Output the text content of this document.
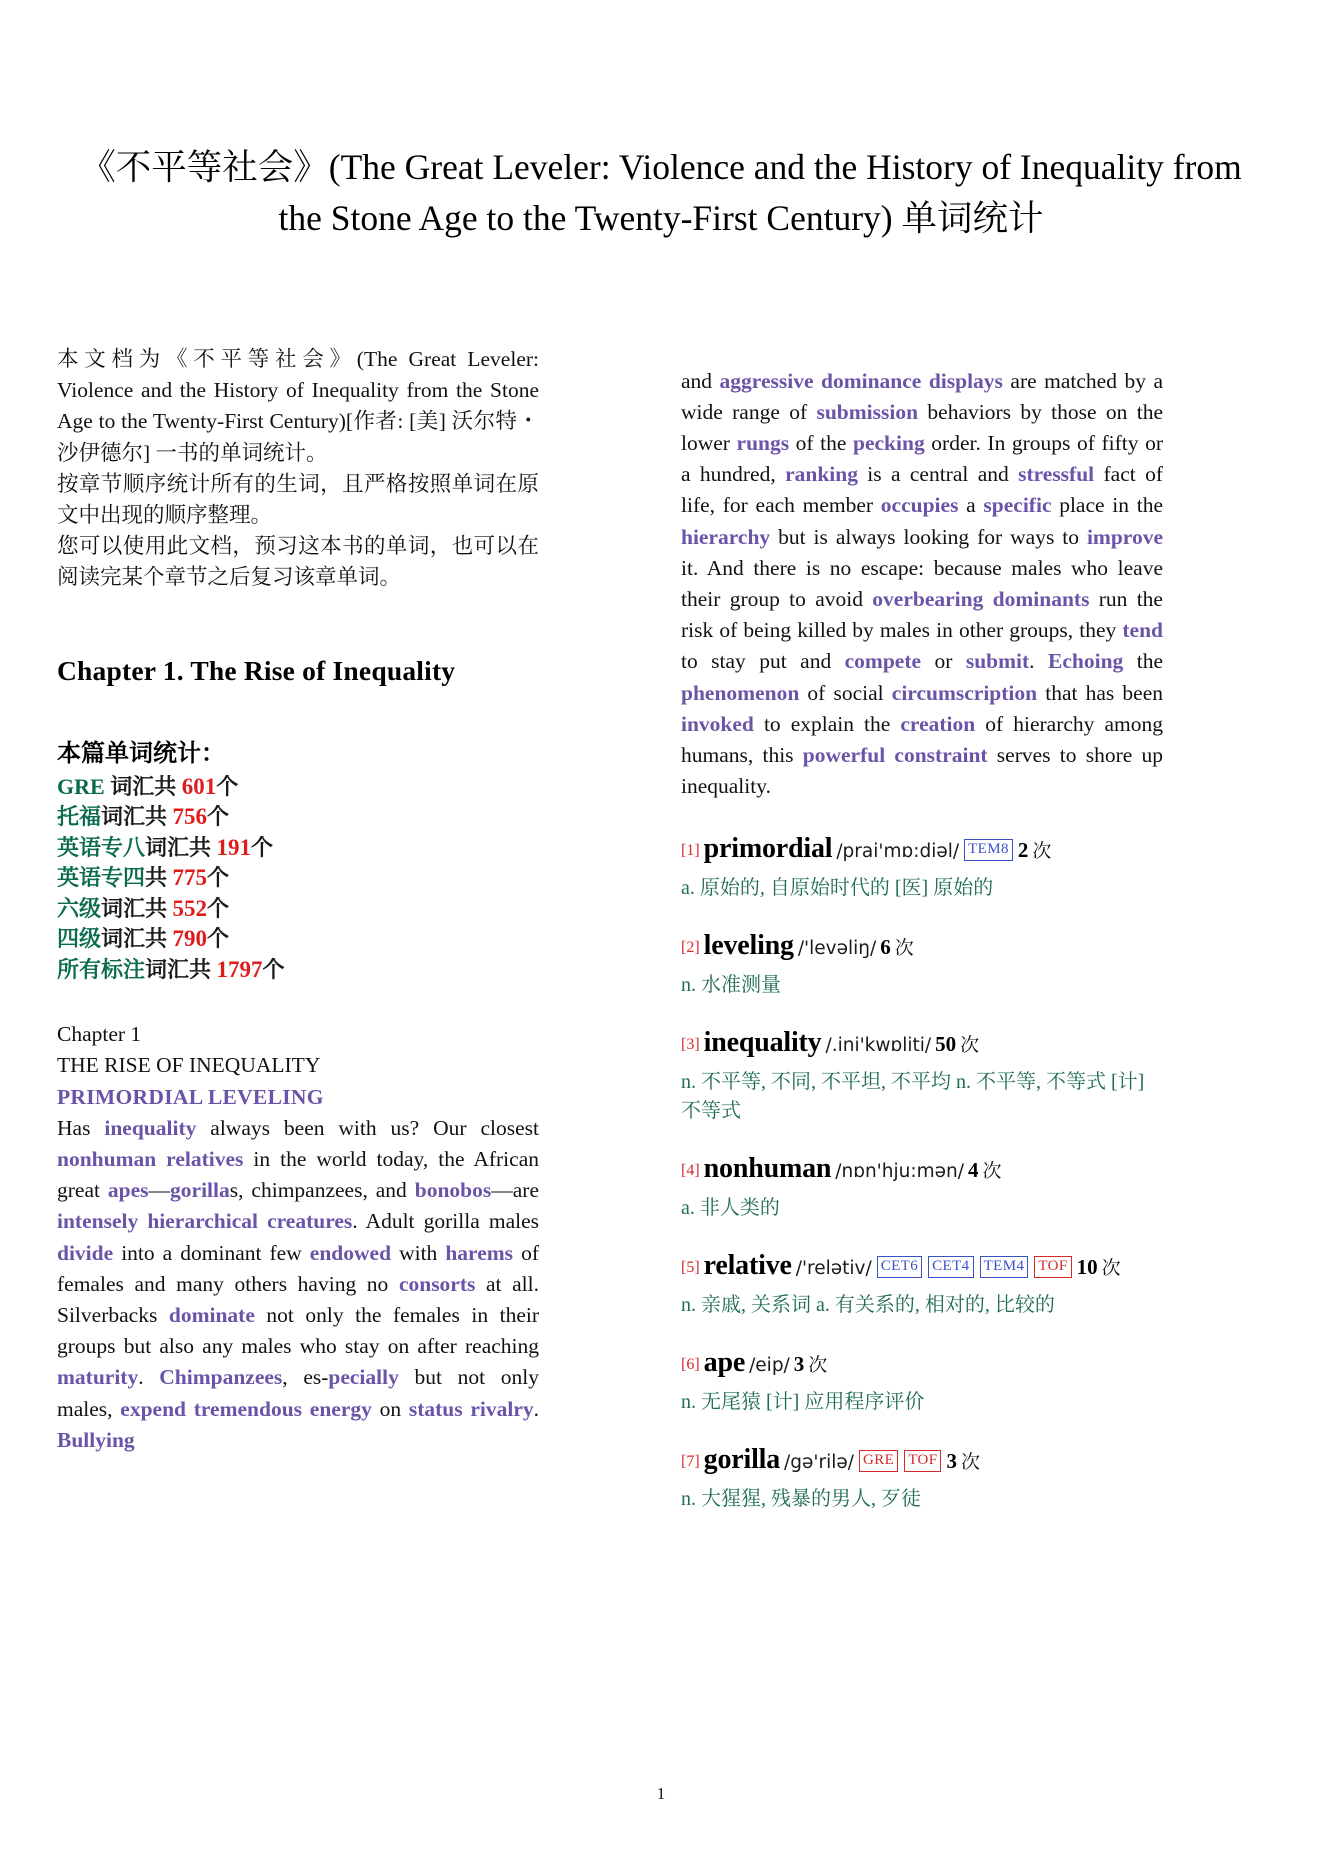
《不平等社会》(The Great Leveler: Violence and the History of Inequality from the Stone Age to the Twenty-First Century) 单词统计

本文档为《不平等社会》(The Great Leveler: Violence and the History of Inequality from the Stone Age to the Twenty-First Century)[作者: [美] 沃尔特・沙伊德尔] 一书的单词统计。

按章节顺序统计所有的生词，且严格按照单词在原文中出现的顺序整理。

您可以使用此文档，预习这本书的单词，也可以在阅读完某个章节之后复习该章单词。

Chapter 1. The Rise of Inequality
本篇单词统计：
GRE 词汇共 601个
托福词汇共 756个
英语专八词汇共 191个
英语专四共 775个
六级词汇共 552个
四级词汇共 790个
所有标注词汇共 1797个
Chapter 1
THE RISE OF INEQUALITY
PRIMORDIAL LEVELING

Has inequality always been with us? Our closest nonhuman relatives in the world today, the African great apes—gorillas, chimpanzees, and bonobos—are intensely hierarchical creatures. Adult gorilla males divide into a dominant few endowed with harems of females and many others having no consorts at all. Silverbacks dominate not only the females in their groups but also any males who stay on after reaching maturity. Chimpanzees, es-pecially but not only males, expend tremendous energy on status rivalry. Bullying

and aggressive dominance displays are matched by a wide range of submission behaviors by those on the lower rungs of the pecking order. In groups of fifty or a hundred, ranking is a central and stressful fact of life, for each member occupies a specific place in the hierarchy but is always looking for ways to improve it. And there is no escape: because males who leave their group to avoid overbearing dominants run the risk of being killed by males in other groups, they tend to stay put and compete or submit. Echoing the phenomenon of social circumscription that has been invoked to explain the creation of hierarchy among humans, this powerful constraint serves to shore up inequality.

[1] primordial /prai'mɒ:diəl/ TEM8 2 次
a. 原始的, 自原始时代的 [医] 原始的
[2] leveling /'levəliŋ/ 6 次
n. 水准测量
[3] inequality /.ini'kwɒliti/ 50 次
n. 不平等, 不同, 不平坦, 不平均 n. 不平等, 不等式 [计] 不等式
[4] nonhuman /nɒn'hju:mən/ 4 次
a. 非人类的
[5] relative /'relətiv/ CET6 CET4 TEM4 TOF 10 次
n. 亲戚, 关系词 a. 有关系的, 相对的, 比较的
[6] ape /eip/ 3 次
n. 无尾猿 [计] 应用程序评价
[7] gorilla /gə'rilə/ GRE TOF 3 次
n. 大猩猩, 残暴的男人, 歹徒
1
